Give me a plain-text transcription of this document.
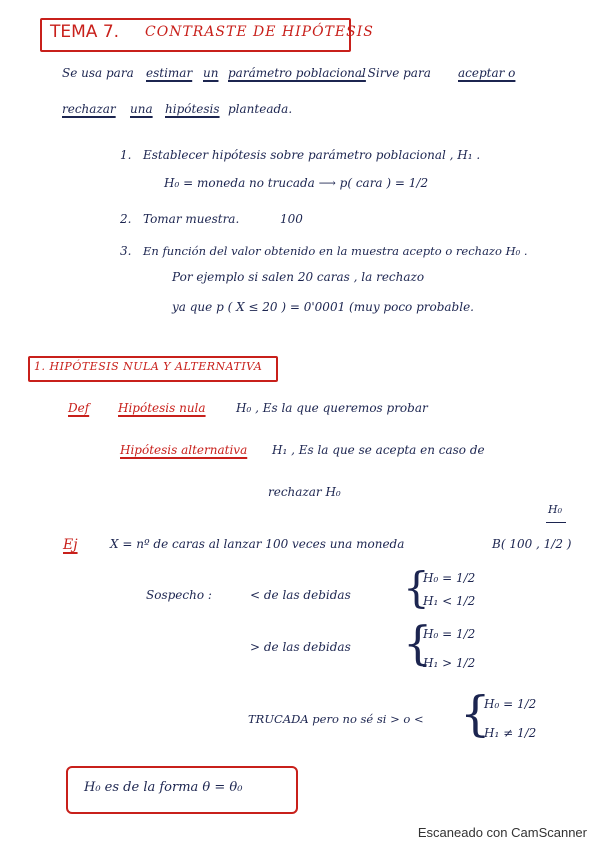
TEMA 7. CONTRASTE DE HIPÓTESIS
Se usa para estimar un parámetro poblacional
. Sirve para aceptar o
rechazar una hipótesis planteada.
1. Establecer hipótesis sobre parámetro poblacional , H₁ .
H₀ = moneda no trucada ⟶ p( cara ) = 1/2
2. Tomar muestra.	100
3. En función del valor obtenido en la muestra acepto o rechazo H₀ .
Por ejemplo si salen 20 caras , la rechazo
ya que p ( X ≤ 20 ) = 0'0001 (muy poco probable.
1. HIPÓTESIS NULA Y ALTERNATIVA
Def Hipótesis nula	H₀ , Es la que queremos probar
Hipótesis alternativa H₁ , Es la que se acepta en caso de
rechazar H₀
Ej	X = nº de caras al lanzar 100 veces una moneda
H₀
B( 100 , 1/2 )
Sospecho :	< de las debidas {
H₀ = 1/2
H₁ < 1/2
> de las debidas {
H₀ = 1/2
H₁ > 1/2
TRUCADA pero no sé si > o < {
H₀ = 1/2
H₁ ≠ 1/2
H₀ es de la forma θ = θ₀
Escaneado con CamScanner
